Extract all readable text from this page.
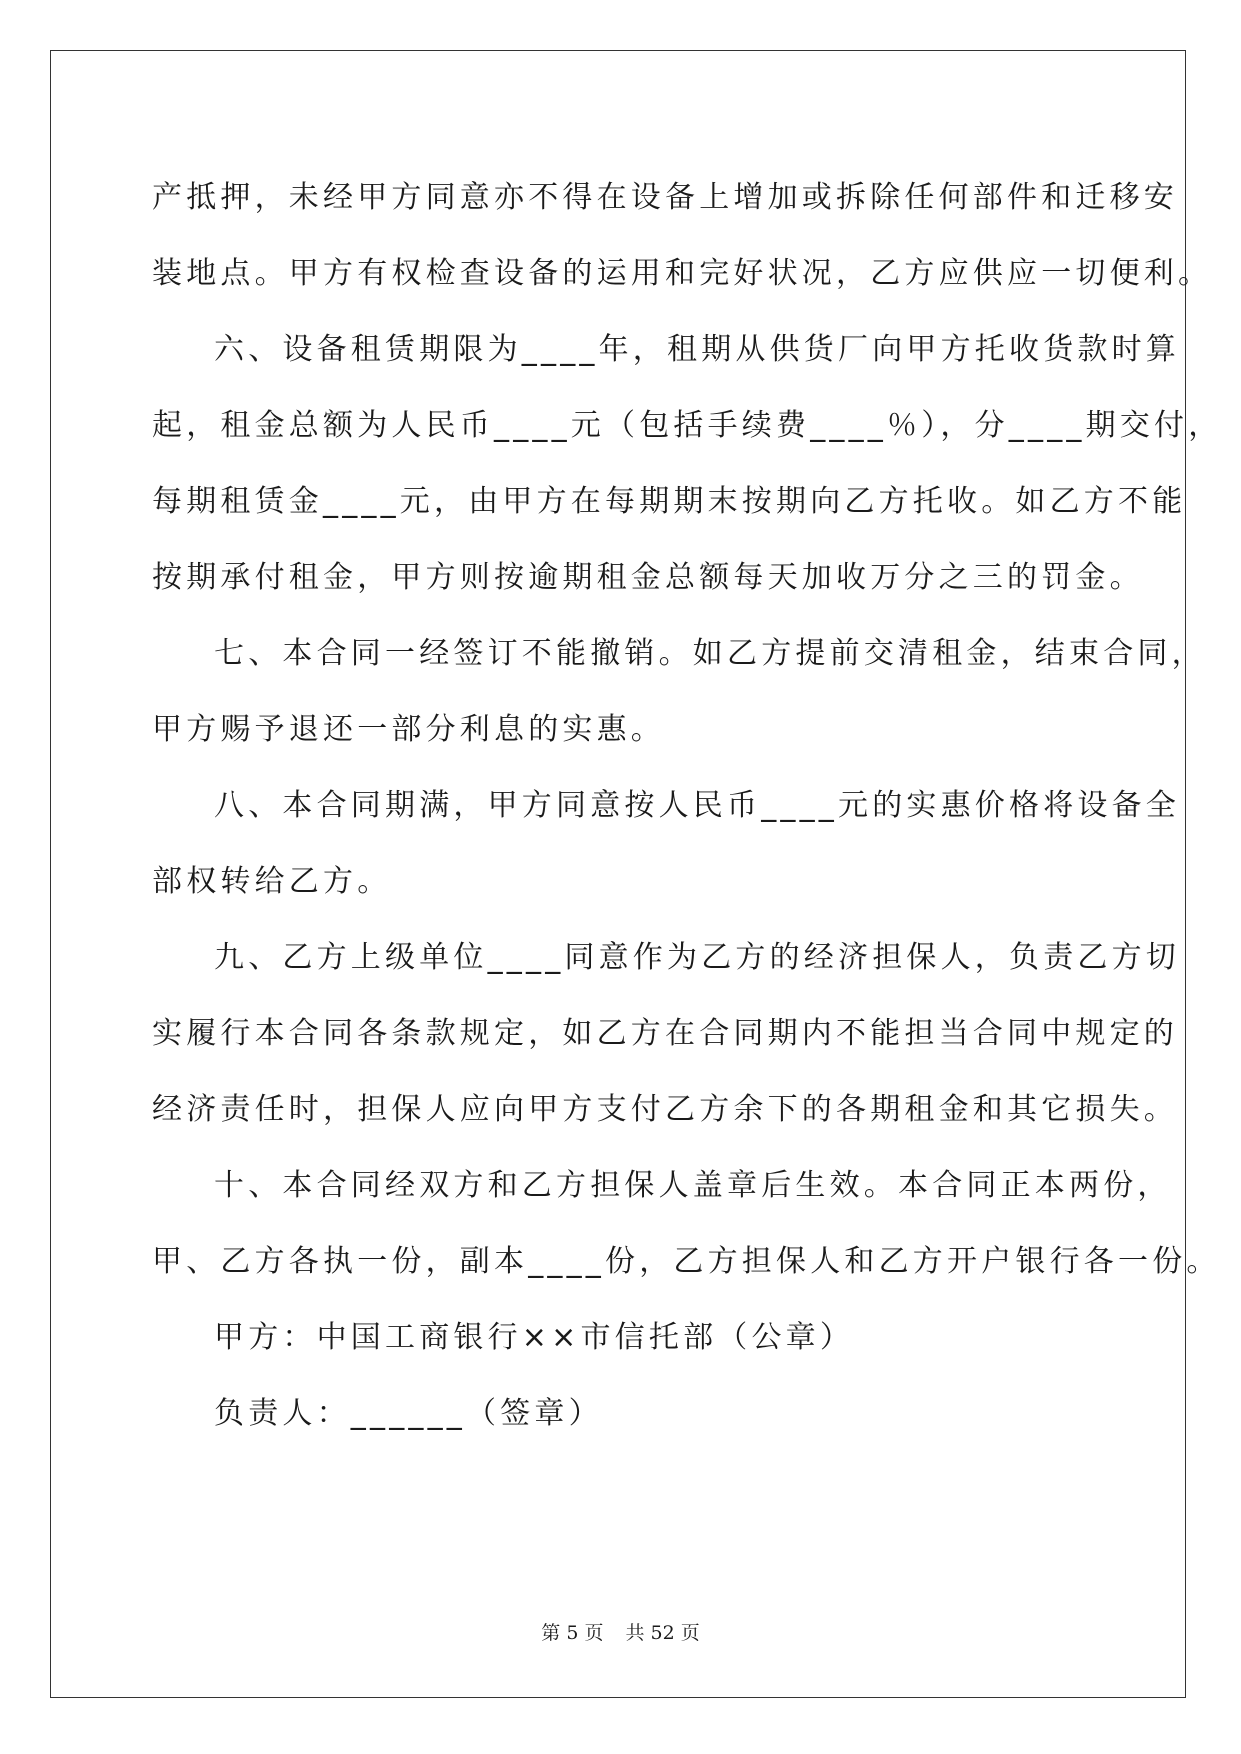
产抵押，未经甲方同意亦不得在设备上增加或拆除任何部件和迁移安
装地点。甲方有权检查设备的运用和完好状况，乙方应供应一切便利。
六、设备租赁期限为____年，租期从供货厂向甲方托收货款时算
起，租金总额为人民币____元（包括手续费____％），分____期交付，
每期租赁金____元，由甲方在每期期末按期向乙方托收。如乙方不能
按期承付租金，甲方则按逾期租金总额每天加收万分之三的罚金。
七、本合同一经签订不能撤销。如乙方提前交清租金，结束合同，
甲方赐予退还一部分利息的实惠。
八、本合同期满，甲方同意按人民币____元的实惠价格将设备全
部权转给乙方。
九、乙方上级单位____同意作为乙方的经济担保人，负责乙方切
实履行本合同各条款规定，如乙方在合同期内不能担当合同中规定的
经济责任时，担保人应向甲方支付乙方余下的各期租金和其它损失。
十、本合同经双方和乙方担保人盖章后生效。本合同正本两份，
甲、乙方各执一份，副本____份，乙方担保人和乙方开户银行各一份。
甲方：中国工商银行××市信托部（公章）
负责人：______（签章）
第 5 页 共 52 页
